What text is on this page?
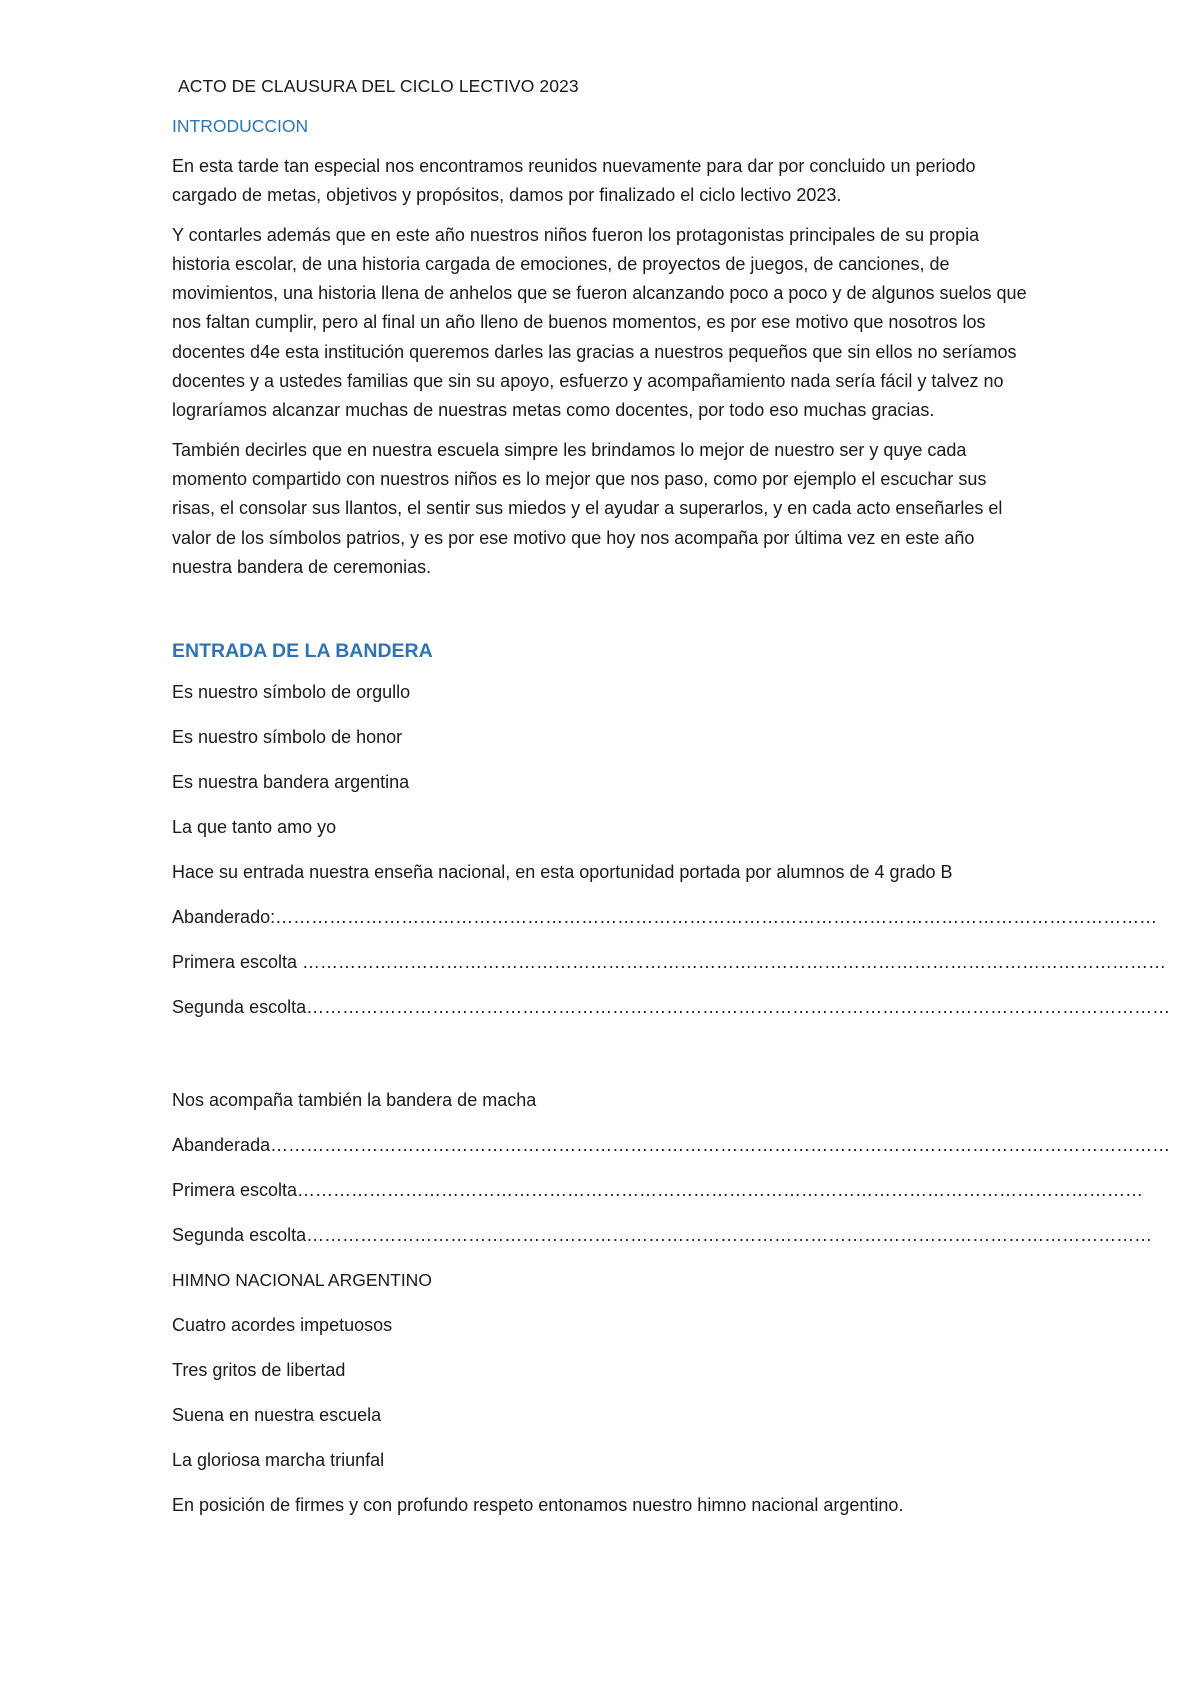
ACTO DE CLAUSURA DEL CICLO LECTIVO 2023
INTRODUCCION

En esta tarde tan especial nos encontramos reunidos nuevamente para dar por concluido un periodo cargado de metas, objetivos y propósitos, damos por finalizado el ciclo lectivo 2023.

Y contarles además que en este año nuestros niños fueron los protagonistas principales de su propia historia escolar, de una historia cargada de emociones, de proyectos de juegos, de canciones, de movimientos, una historia llena de anhelos que se fueron alcanzando poco a poco y de algunos suelos que nos faltan cumplir, pero al final un año lleno de buenos momentos, es por ese motivo que nosotros los docentes d4e esta institución queremos darles las gracias a nuestros pequeños que sin ellos no seríamos docentes y a ustedes familias que sin su apoyo, esfuerzo y acompañamiento nada sería fácil y talvez no lograríamos alcanzar muchas de nuestras metas como docentes, por todo eso muchas gracias.

También decirles que en nuestra escuela simpre les brindamos lo mejor de nuestro ser y quye cada momento compartido con nuestros niños es lo mejor que nos paso, como por ejemplo el escuchar sus risas, el consolar sus llantos, el sentir sus miedos y el ayudar a superarlos, y en cada acto enseñarles el valor de los símbolos patrios, y es por ese motivo que hoy nos acompaña por última vez en este año nuestra bandera de ceremonias.

ENTRADA DE LA BANDERA
Es nuestro símbolo de orgullo
Es nuestro símbolo de honor
Es nuestra bandera argentina
La que tanto amo yo
Hace su entrada nuestra enseña nacional, en esta oportunidad portada por alumnos de 4 grado B
Abanderado:…………………………………………………………………………………………………………………………………
Primera escolta ………………………………………………………………………………………………………………………………
Segunda escolta………………………………………………………………………………………………………………………………
Nos acompaña también la bandera de macha
Abanderada……………………………………………………………………………………………………………………………………
Primera escolta……………………………………………………………………………………………………………………………
Segunda escolta……………………………………………………………………………………………………………………………
HIMNO NACIONAL ARGENTINO
Cuatro acordes impetuosos
Tres gritos de libertad
Suena en nuestra escuela
La gloriosa marcha triunfal
En posición de firmes y con profundo respeto entonamos nuestro himno nacional argentino.
